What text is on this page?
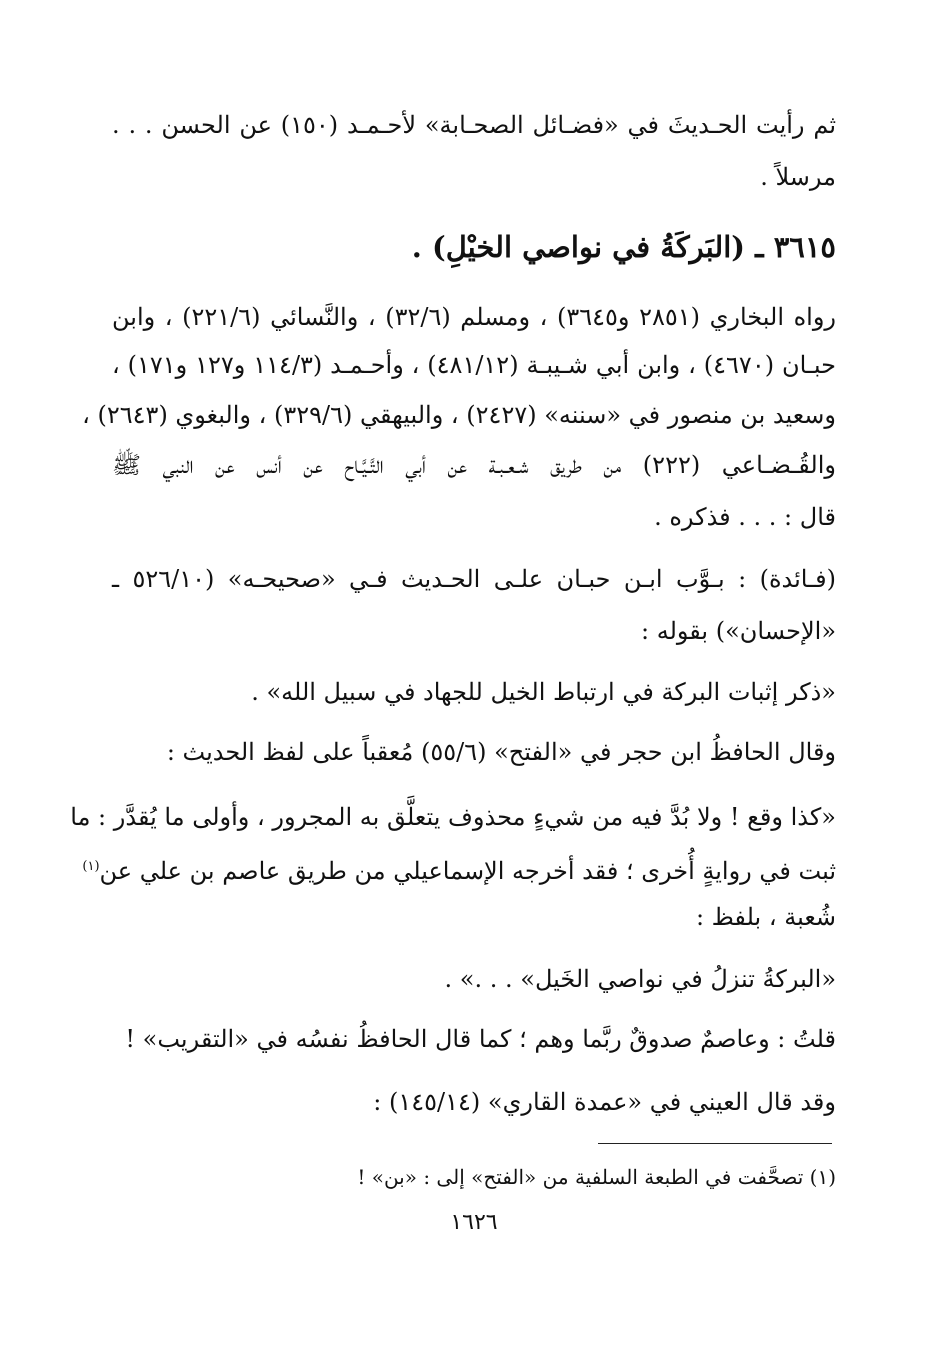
ثم رأيت الحـديثَ في «فضـائل الصحـابة» لأحـمـد (١٥٠) عن الحسن . . .
مرسلاً .
٣٦١٥ ـ (البَركَةُ في نواصي الخيْلِ) .
رواه البخاري (٢٨٥١ و٣٦٤٥) ، ومسلم (٣٢/٦) ، والنَّسائي (٢٢١/٦) ، وابن
حبـان (٤٦٧٠) ، وابن أبي شـيبـة (٤٨١/١٢) ، وأحـمـد (١١٤/٣ و١٢٧ و١٧١) ،
وسعيد بن منصور في «سننه» (٢٤٢٧) ، والبيهقي (٣٢٩/٦) ، والبغوي (٢٦٤٣) ،
والقُـضـاعي (٢٢٢) من طريق شـعـبـة عن أبي التَّـيَّـاح عن أنس عن النبي ﷺ
قال : . . . فذكره .
(فـائدة) : بـوَّب ابـن حبـان علـى الحـديث فـي «صحيحـه» (٥٢٦/١٠ ـ
«الإحسان») بقوله :
«ذكر إثبات البركة في ارتباط الخيل للجهاد في سبيل الله» .
وقال الحافظُ ابن حجر في «الفتح» (٥٥/٦) مُعقباً على لفظ الحديث :
«كذا وقع ! ولا بُدَّ فيه من شيءٍ محذوف يتعلَّق به المجرور ، وأولى ما يُقدَّر : ما
ثبت في روايةٍ أُخرى ؛ فقد أخرجه الإسماعيلي من طريق عاصم بن علي عن$^{(١)}$
شُعبة ، بلفظ :
«البركةُ تنزلُ في نواصي الخَيل» . . .» .
قلتُ : وعاصمٌ صدوقٌ ربَّما وهم ؛ كما قال الحافظُ نفسُه في «التقريب» !
وقد قال العيني في «عمدة القاري» (١٤٥/١٤) :
(١) تصحَّفت في الطبعة السلفية من «الفتح» إلى : «بن» !
١٦٢٦
